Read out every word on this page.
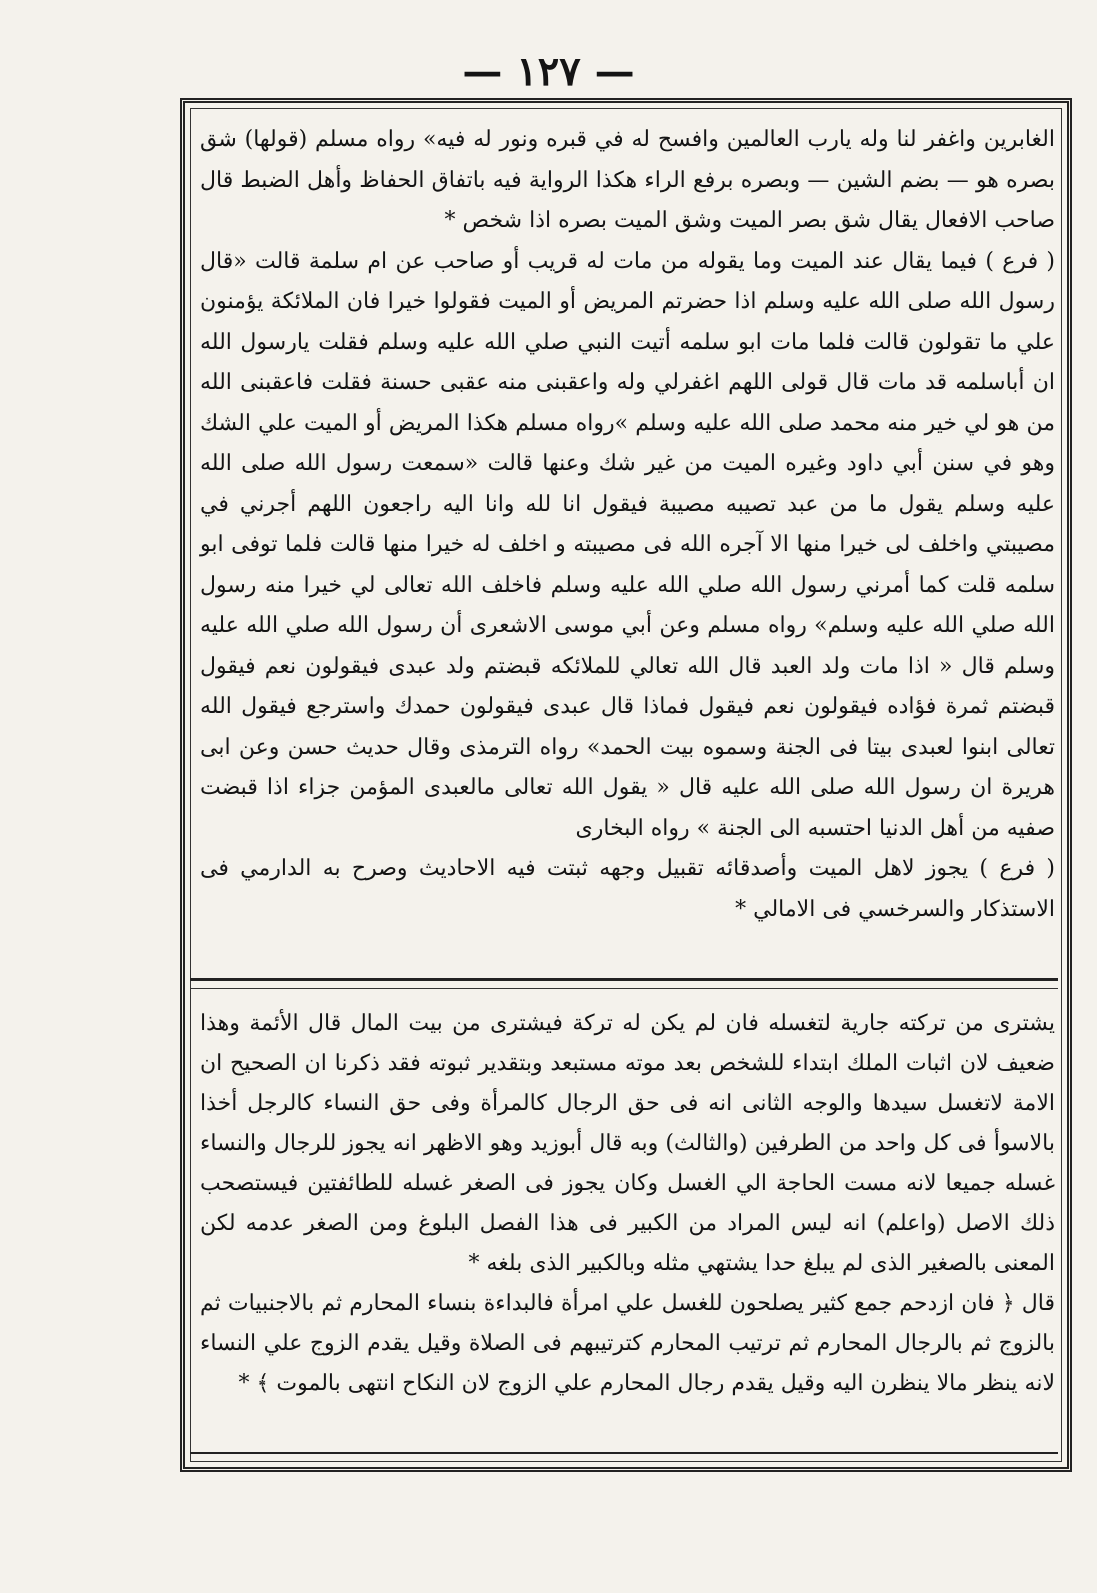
— ١٢٧ —

الغابرين واغفر لنا وله يارب العالمين وافسح له في قبره ونور له فيه» رواه مسلم (قولها) شق بصره هو — بضم الشين — وبصره برفع الراء هكذا الرواية فيه باتفاق الحفاظ وأهل الضبط قال صاحب الافعال يقال شق بصر الميت وشق الميت بصره اذا شخص *

( فرع ) فيما يقال عند الميت وما يقوله من مات له قريب أو صاحب عن ام سلمة قالت «قال رسول الله صلى الله عليه وسلم اذا حضرتم المريض أو الميت فقولوا خيرا فان الملائكة يؤمنون علي ما تقولون قالت فلما مات ابو سلمه أتيت النبي صلي الله عليه وسلم فقلت يارسول الله ان أباسلمه قد مات قال قولى اللهم اغفرلي وله واعقبنى منه عقبى حسنة فقلت فاعقبنى الله من هو لي خير منه محمد صلى الله عليه وسلم »رواه مسلم هكذا المريض أو الميت علي الشك وهو في سنن أبي داود وغيره الميت من غير شك وعنها قالت «سمعت رسول الله صلى الله عليه وسلم يقول ما من عبد تصيبه مصيبة فيقول انا لله وانا اليه راجعون اللهم أجرني في مصيبتي واخلف لى خيرا منها الا آجره الله فى مصيبته و اخلف له خيرا منها قالت فلما توفى ابو سلمه قلت كما أمرني رسول الله صلي الله عليه وسلم فاخلف الله تعالى لي خيرا منه رسول الله صلي الله عليه وسلم» رواه مسلم وعن أبي موسى الاشعرى أن رسول الله صلي الله عليه وسلم قال « اذا مات ولد العبد قال الله تعالي للملائكه قبضتم ولد عبدى فيقولون نعم فيقول قبضتم ثمرة فؤاده فيقولون نعم فيقول فماذا قال عبدى فيقولون حمدك واسترجع فيقول الله تعالى ابنوا لعبدى بيتا فى الجنة وسموه بيت الحمد» رواه الترمذى وقال حديث حسن وعن ابى هريرة ان رسول الله صلى الله عليه قال « يقول الله تعالى مالعبدى المؤمن جزاء اذا قبضت صفيه من أهل الدنيا احتسبه الى الجنة » رواه البخارى

( فرع ) يجوز لاهل الميت وأصدقائه تقبيل وجهه ثبتت فيه الاحاديث وصرح به الدارمي فى الاستذكار والسرخسي فى الامالي *

يشترى من تركته جارية لتغسله فان لم يكن له تركة فيشترى من بيت المال قال الأئمة وهذا ضعيف لان اثبات الملك ابتداء للشخص بعد موته مستبعد وبتقدير ثبوته فقد ذكرنا ان الصحيح ان الامة لاتغسل سيدها والوجه الثانى انه فى حق الرجال كالمرأة وفى حق النساء كالرجل أخذا بالاسوأ فى كل واحد من الطرفين (والثالث) وبه قال أبوزيد وهو الاظهر انه يجوز للرجال والنساء غسله جميعا لانه مست الحاجة الي الغسل وكان يجوز فى الصغر غسله للطائفتين فيستصحب ذلك الاصل (واعلم) انه ليس المراد من الكبير فى هذا الفصل البلوغ ومن الصغر عدمه لكن المعنى بالصغير الذى لم يبلغ حدا يشتهي مثله وبالكبير الذى بلغه *

قال ﴿ فان ازدحم جمع كثير يصلحون للغسل علي امرأة فالبداءة بنساء المحارم ثم بالاجنبيات ثم بالزوج ثم بالرجال المحارم ثم ترتيب المحارم كترتيبهم فى الصلاة وقيل يقدم الزوج علي النساء لانه ينظر مالا ينظرن اليه وقيل يقدم رجال المحارم علي الزوج لان النكاح انتهى بالموت ﴾ *
